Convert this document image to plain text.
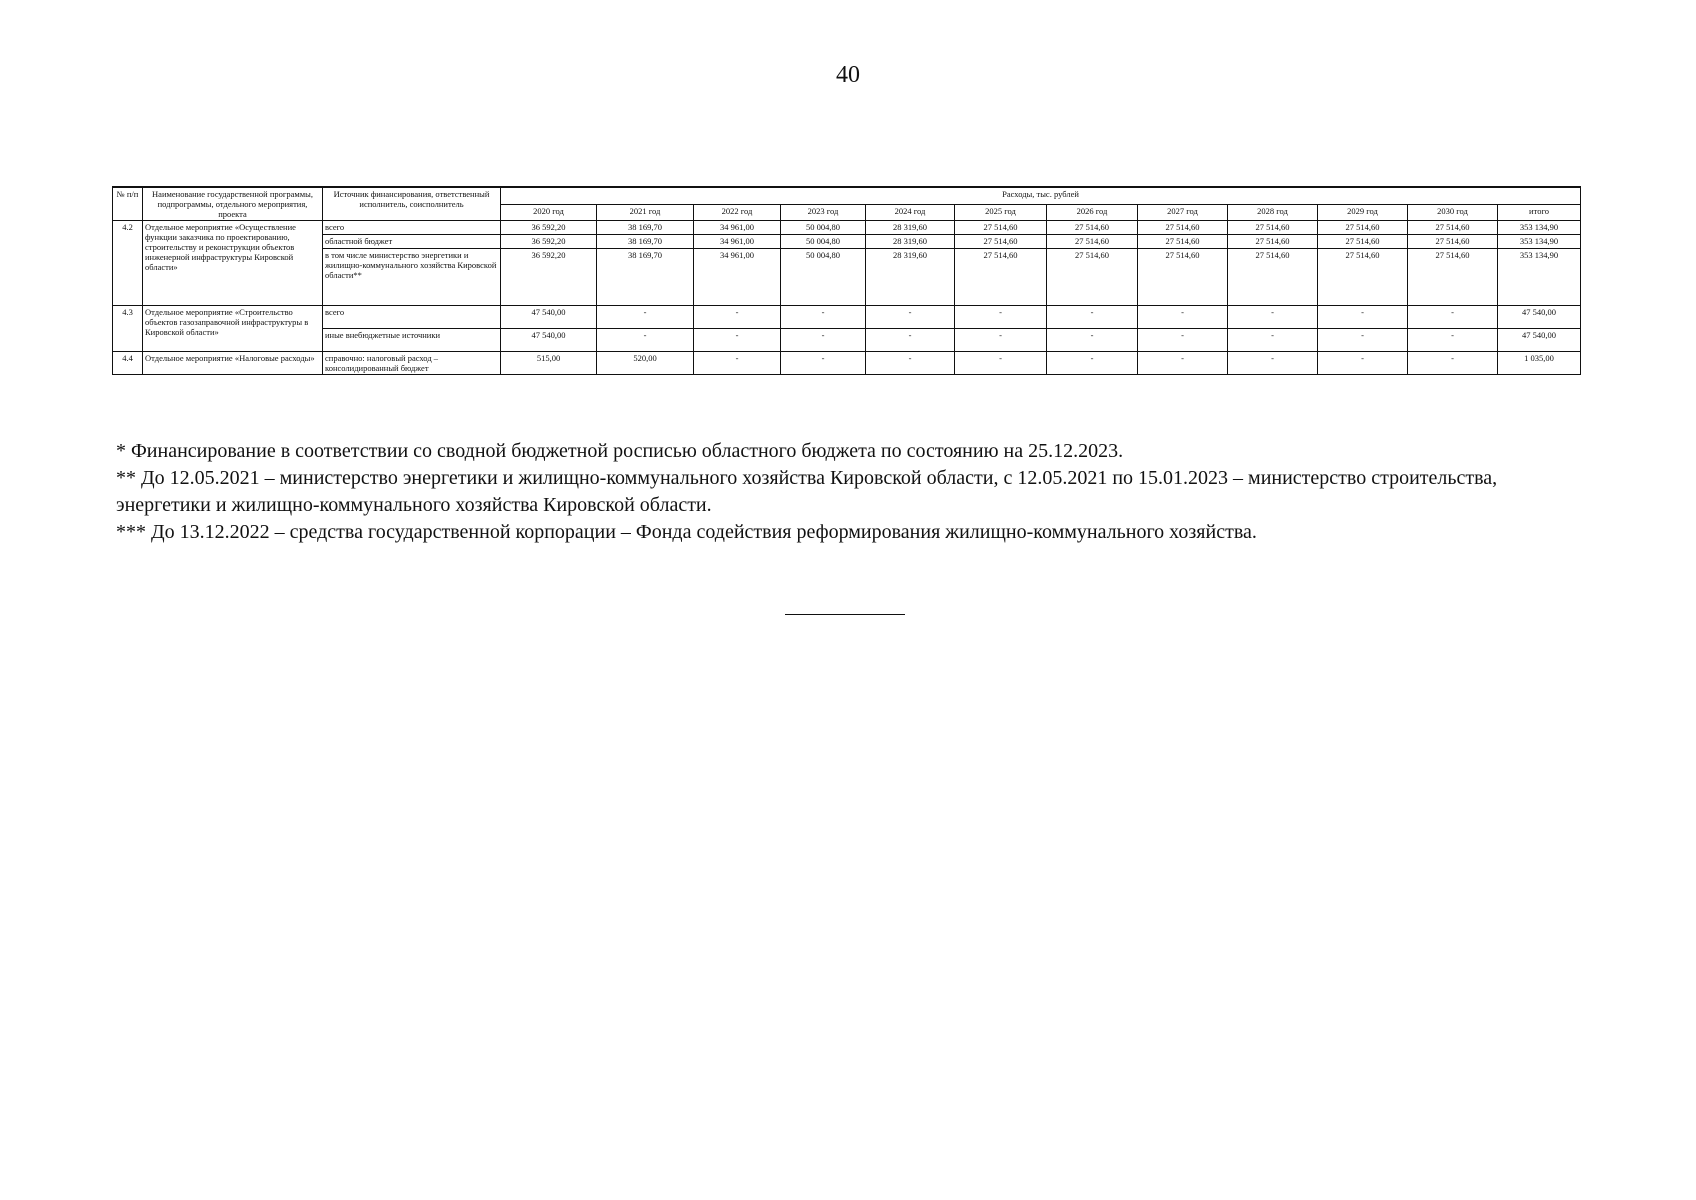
40
№ п/п	Наименование государственной программы, подпрограммы, отдельного мероприятия, проекта	Источник финансирования, ответственный исполнитель, соисполнитель	Расходы, тыс. рублей											
			2020 год	2021 год	2022 год	2023 год	2024 год	2025 год	2026 год	2027 год	2028 год	2029 год	2030 год	итого
4.2	Отдельное мероприятие «Осуществление функции заказчика по проектированию, строительству и реконструкции объектов инженерной инфраструктуры Кировской области»	всего	36 592,20	38 169,70	34 961,00	50 004,80	28 319,60	27 514,60	27 514,60	27 514,60	27 514,60	27 514,60	27 514,60	353 134,90
		областной бюджет	36 592,20	38 169,70	34 961,00	50 004,80	28 319,60	27 514,60	27 514,60	27 514,60	27 514,60	27 514,60	27 514,60	353 134,90
		в том числе министерство энергетики и жилищно-коммунального хозяйства Кировской области**	36 592,20	38 169,70	34 961,00	50 004,80	28 319,60	27 514,60	27 514,60	27 514,60	27 514,60	27 514,60	27 514,60	353 134,90
4.3	Отдельное мероприятие «Строительство объектов газозаправочной инфраструктуры в Кировской области»	всего	47 540,00	-	-	-	-	-	-	-	-	-	-	47 540,00
		иные внебюджетные источники	47 540,00	-	-	-	-	-	-	-	-	-	-	47 540,00
4.4	Отдельное мероприятие «Налоговые расходы»	справочно: налоговый расход – консолидированный бюджет	515,00	520,00	-	-	-	-	-	-	-	-	-	1 035,00

* Финансирование в соответствии со сводной бюджетной росписью областного бюджета по состоянию на 25.12.2023.

** До 12.05.2021 – министерство энергетики и жилищно-коммунального хозяйства Кировской области, с 12.05.2021 по 15.01.2023 – министерство строительства, энергетики и жилищно-коммунального хозяйства Кировской области.

*** До 13.12.2022 – средства государственной корпорации – Фонда содействия реформирования жилищно-коммунального хозяйства.
